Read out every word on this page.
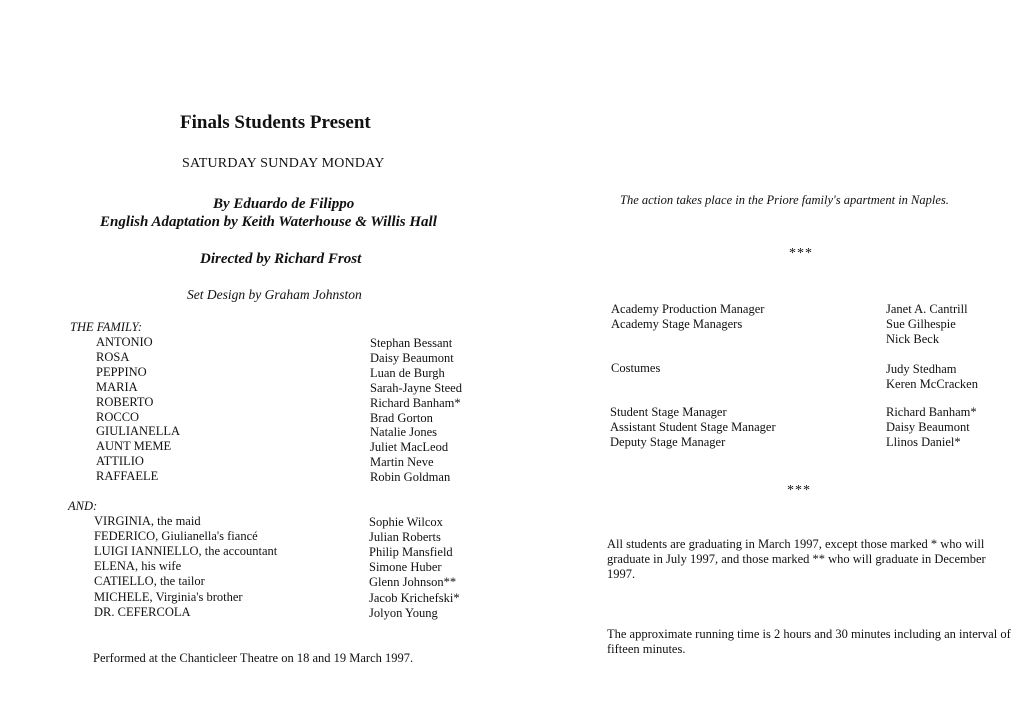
Finals Students Present
SATURDAY SUNDAY MONDAY
By Eduardo de Filippo
English Adaptation by Keith Waterhouse & Willis Hall
Directed by Richard Frost
Set Design by Graham Johnston
THE FAMILY:
ANTONIO	Stephan Bessant
ROSA	Daisy Beaumont
PEPPINO	Luan de Burgh
MARIA	Sarah-Jayne Steed
ROBERTO	Richard Banham*
ROCCO	Brad Gorton
GIULIANELLA	Natalie Jones
AUNT MEME	Juliet MacLeod
ATTILIO	Martin Neve
RAFFAELE	Robin Goldman
AND:
VIRGINIA, the maid	Sophie Wilcox
FEDERICO, Giulianella's fiancé	Julian Roberts
LUIGI IANNIELLO, the accountant	Philip Mansfield
ELENA, his wife	Simone Huber
CATIELLO, the tailor	Glenn Johnson**
MICHELE, Virginia's brother	Jacob Krichefski*
DR. CEFERCOLA	Jolyon Young
Performed at the Chanticleer Theatre on 18 and 19 March 1997.
The action takes place in the Priore family's apartment in Naples.
***
Academy Production Manager	Janet A. Cantrill
Academy Stage Managers	Sue Gilhespie
Nick Beck
Costumes	Judy Stedham
Keren McCracken
Student Stage Manager	Richard Banham*
Assistant Student Stage Manager	Daisy Beaumont
Deputy Stage Manager	Llinos Daniel*
***
All students are graduating in March 1997, except those marked * who will graduate in July 1997, and those marked ** who will graduate in December 1997.
The approximate running time is 2 hours and 30 minutes including an interval of fifteen minutes.
